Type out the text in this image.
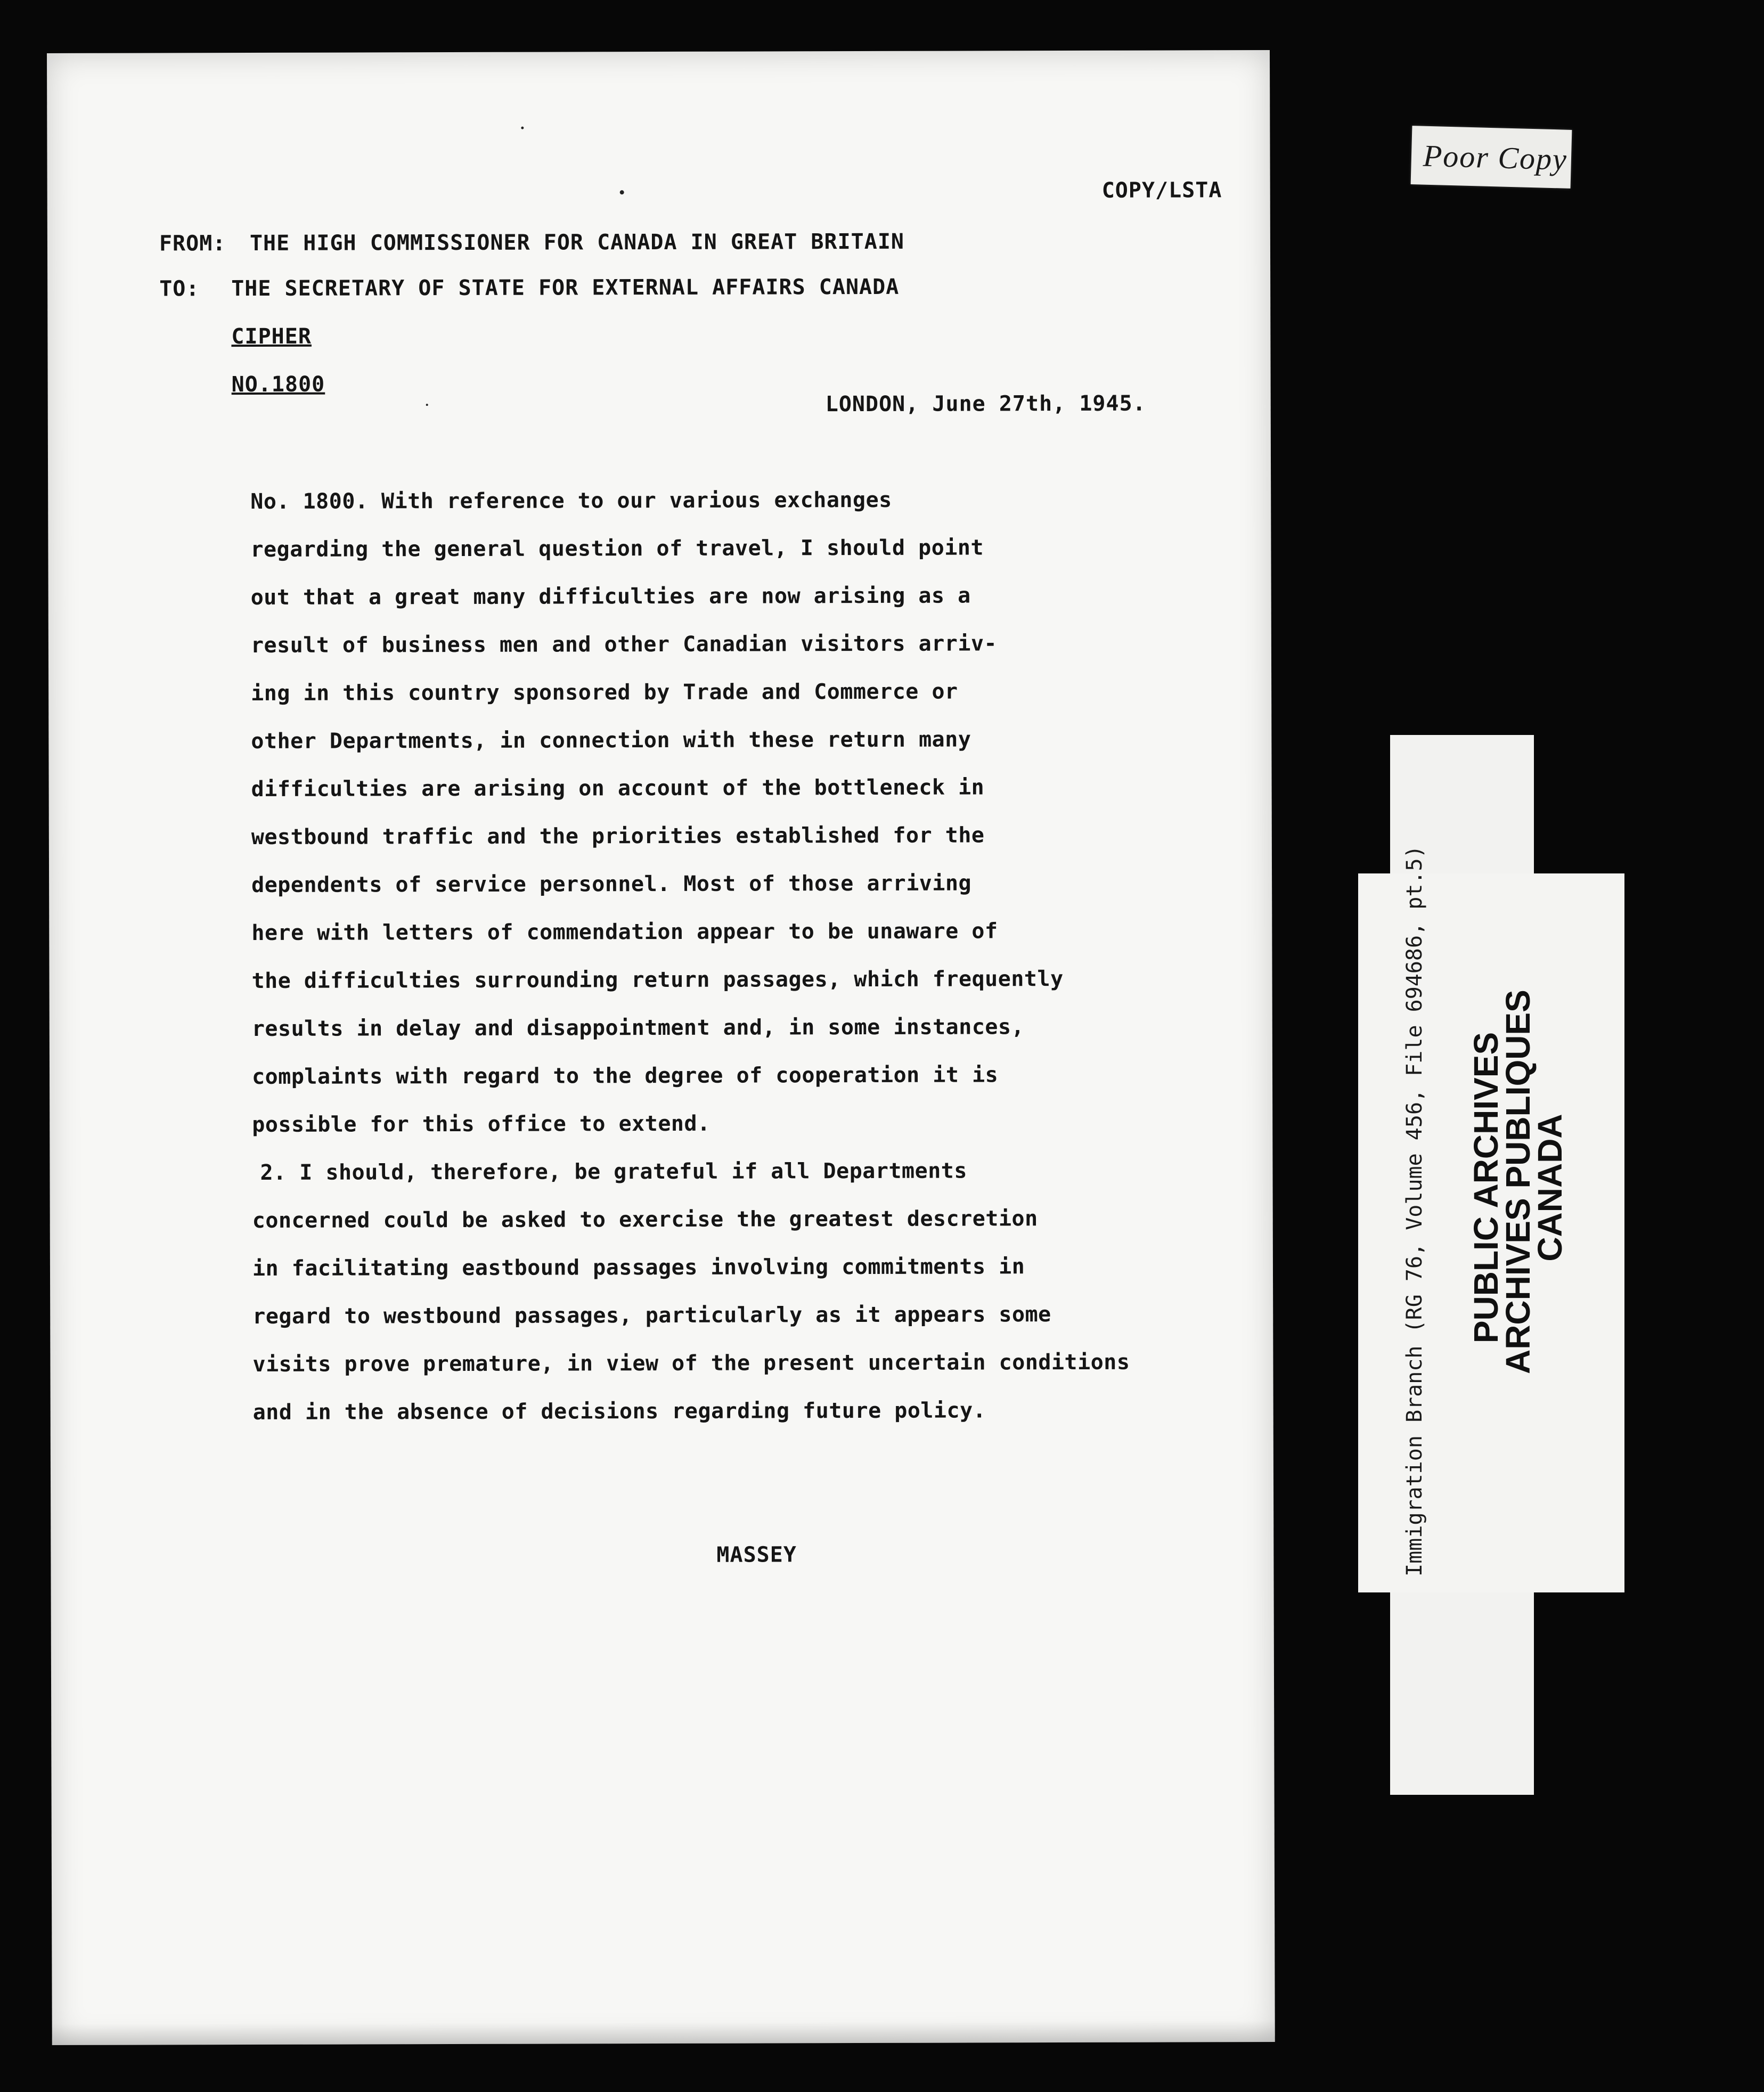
COPY/LSTA
FROM: THE HIGH COMMISSIONER FOR CANADA IN GREAT BRITAIN
TO: THE SECRETARY OF STATE FOR EXTERNAL AFFAIRS CANADA
CIPHER
NO.1800
LONDON, June 27th, 1945.
No. 1800. With reference to our various exchanges
regarding the general question of travel, I should point
out that a great many difficulties are now arising as a
result of business men and other Canadian visitors arriv-
ing in this country sponsored by Trade and Commerce or
other Departments, in connection with these return many
difficulties are arising on account of the bottleneck in
westbound traffic and the priorities established for the
dependents of service personnel. Most of those arriving
here with letters of commendation appear to be unaware of
the difficulties surrounding return passages, which frequently
results in delay and disappointment and, in some instances,
complaints with regard to the degree of cooperation it is
possible for this office to extend.
2. I should, therefore, be grateful if all Departments
concerned could be asked to exercise the greatest descretion
in facilitating eastbound passages involving commitments in
regard to westbound passages, particularly as it appears some
visits prove premature, in view of the present uncertain conditions
and in the absence of decisions regarding future policy.
MASSEY
Poor Copy
Immigration Branch (RG 76, Volume 456, File 694686, pt.5) PUBLIC ARCHIVES
ARCHIVES PUBLIQUES
CANADA
